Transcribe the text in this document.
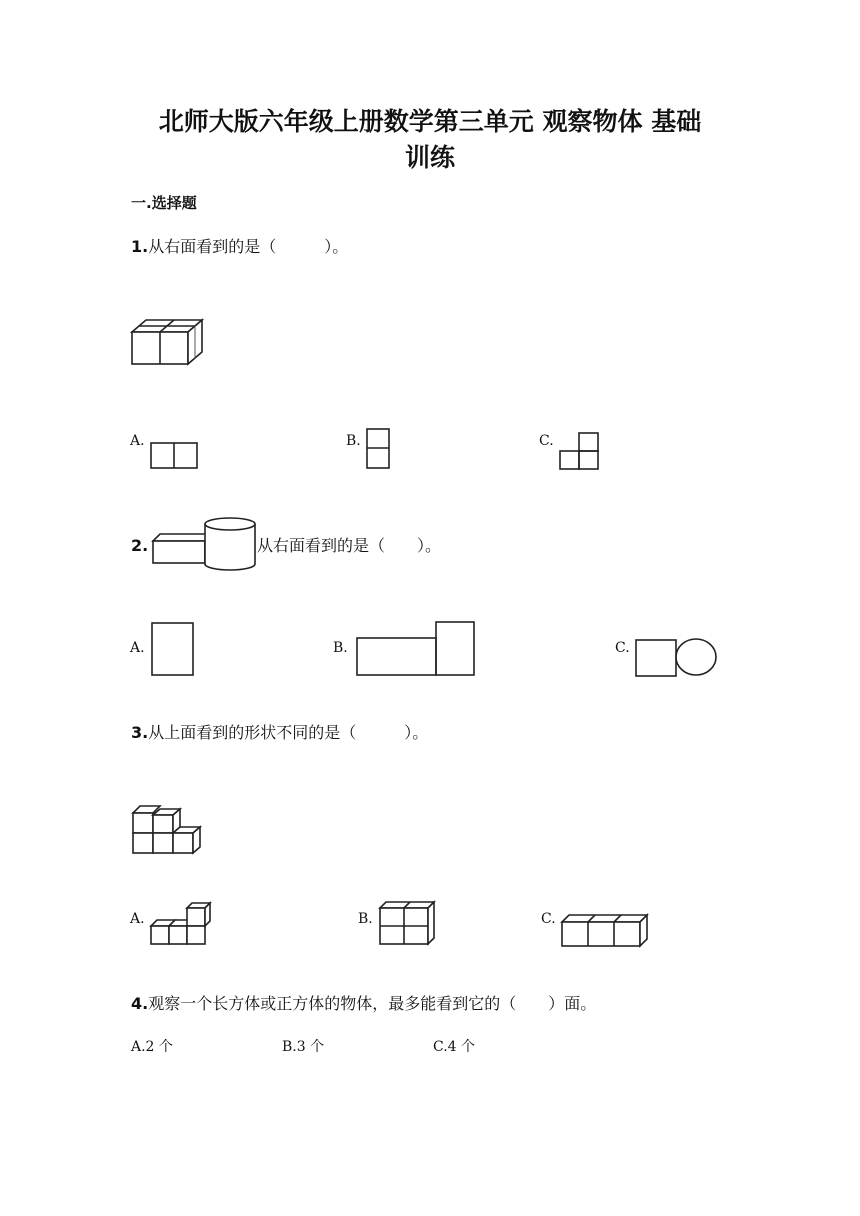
北师大版六年级上册数学第三单元 观察物体 基础
训练
一.选择题
1.从右面看到的是（　　　）。
A.	B.	C.
2.	从右面看到的是（　　）。
A.	B.	C.
3.从上面看到的形状不同的是（　　　）。
A.	B.	C.
4.观察一个长方体或正方体的物体，最多能看到它的（　　）面。
A.2 个	B.3 个	C.4 个
